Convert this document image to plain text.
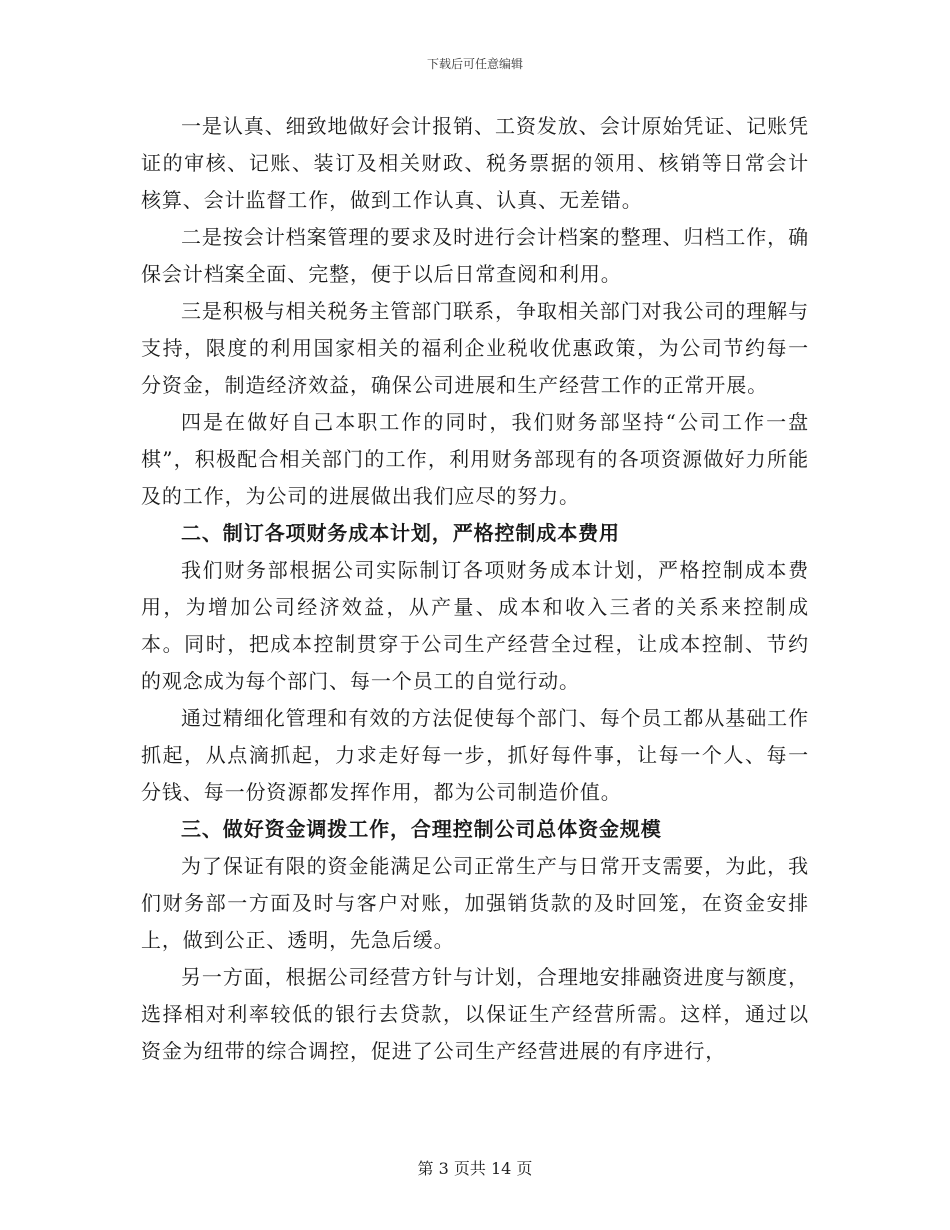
下载后可任意编辑

一是认真、细致地做好会计报销、工资发放、会计原始凭证、记账凭证的审核、记账、装订及相关财政、税务票据的领用、核销等日常会计核算、会计监督工作，做到工作认真、认真、无差错。

二是按会计档案管理的要求及时进行会计档案的整理、归档工作，确保会计档案全面、完整，便于以后日常查阅和利用。

三是积极与相关税务主管部门联系，争取相关部门对我公司的理解与支持，限度的利用国家相关的福利企业税收优惠政策，为公司节约每一分资金，制造经济效益，确保公司进展和生产经营工作的正常开展。

四是在做好自己本职工作的同时，我们财务部坚持“公司工作一盘棋”，积极配合相关部门的工作，利用财务部现有的各项资源做好力所能及的工作，为公司的进展做出我们应尽的努力。

二、制订各项财务成本计划，严格控制成本费用

我们财务部根据公司实际制订各项财务成本计划，严格控制成本费用，为增加公司经济效益，从产量、成本和收入三者的关系来控制成本。同时，把成本控制贯穿于公司生产经营全过程，让成本控制、节约的观念成为每个部门、每一个员工的自觉行动。

通过精细化管理和有效的方法促使每个部门、每个员工都从基础工作抓起，从点滴抓起，力求走好每一步，抓好每件事，让每一个人、每一分钱、每一份资源都发挥作用，都为公司制造价值。

三、做好资金调拨工作，合理控制公司总体资金规模

为了保证有限的资金能满足公司正常生产与日常开支需要，为此，我们财务部一方面及时与客户对账，加强销货款的及时回笼，在资金安排上，做到公正、透明，先急后缓。

另一方面，根据公司经营方针与计划，合理地安排融资进度与额度，选择相对利率较低的银行去贷款，以保证生产经营所需。这样，通过以资金为纽带的综合调控，促进了公司生产经营进展的有序进行，

第 3 页共 14 页
